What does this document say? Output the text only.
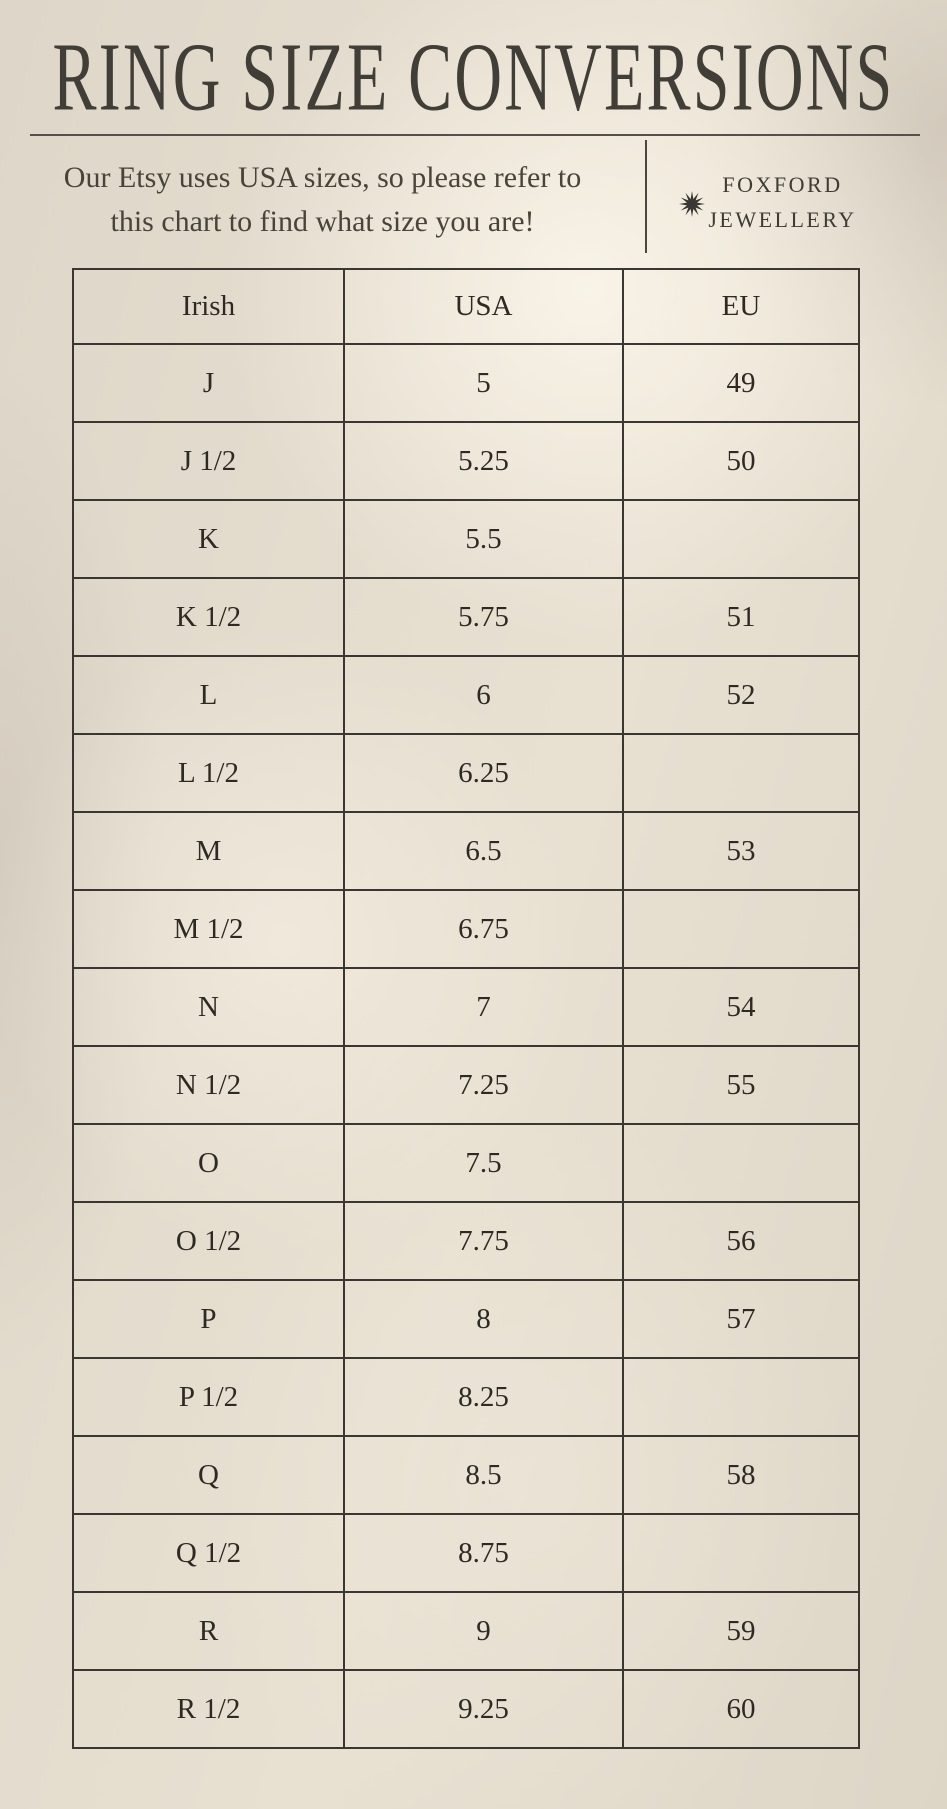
RING SIZE CONVERSIONS
Our Etsy uses USA sizes, so please refer to
this chart to find what size you are!
FOXFORD
JEWELLERY
Irish	USA	EU
J	5	49
J 1/2	5.25	50
K	5.5	
K 1/2	5.75	51
L	6	52
L 1/2	6.25	
M	6.5	53
M 1/2	6.75	
N	7	54
N 1/2	7.25	55
O	7.5	
O 1/2	7.75	56
P	8	57
P 1/2	8.25	
Q	8.5	58
Q 1/2	8.75	
R	9	59
R 1/2	9.25	60
